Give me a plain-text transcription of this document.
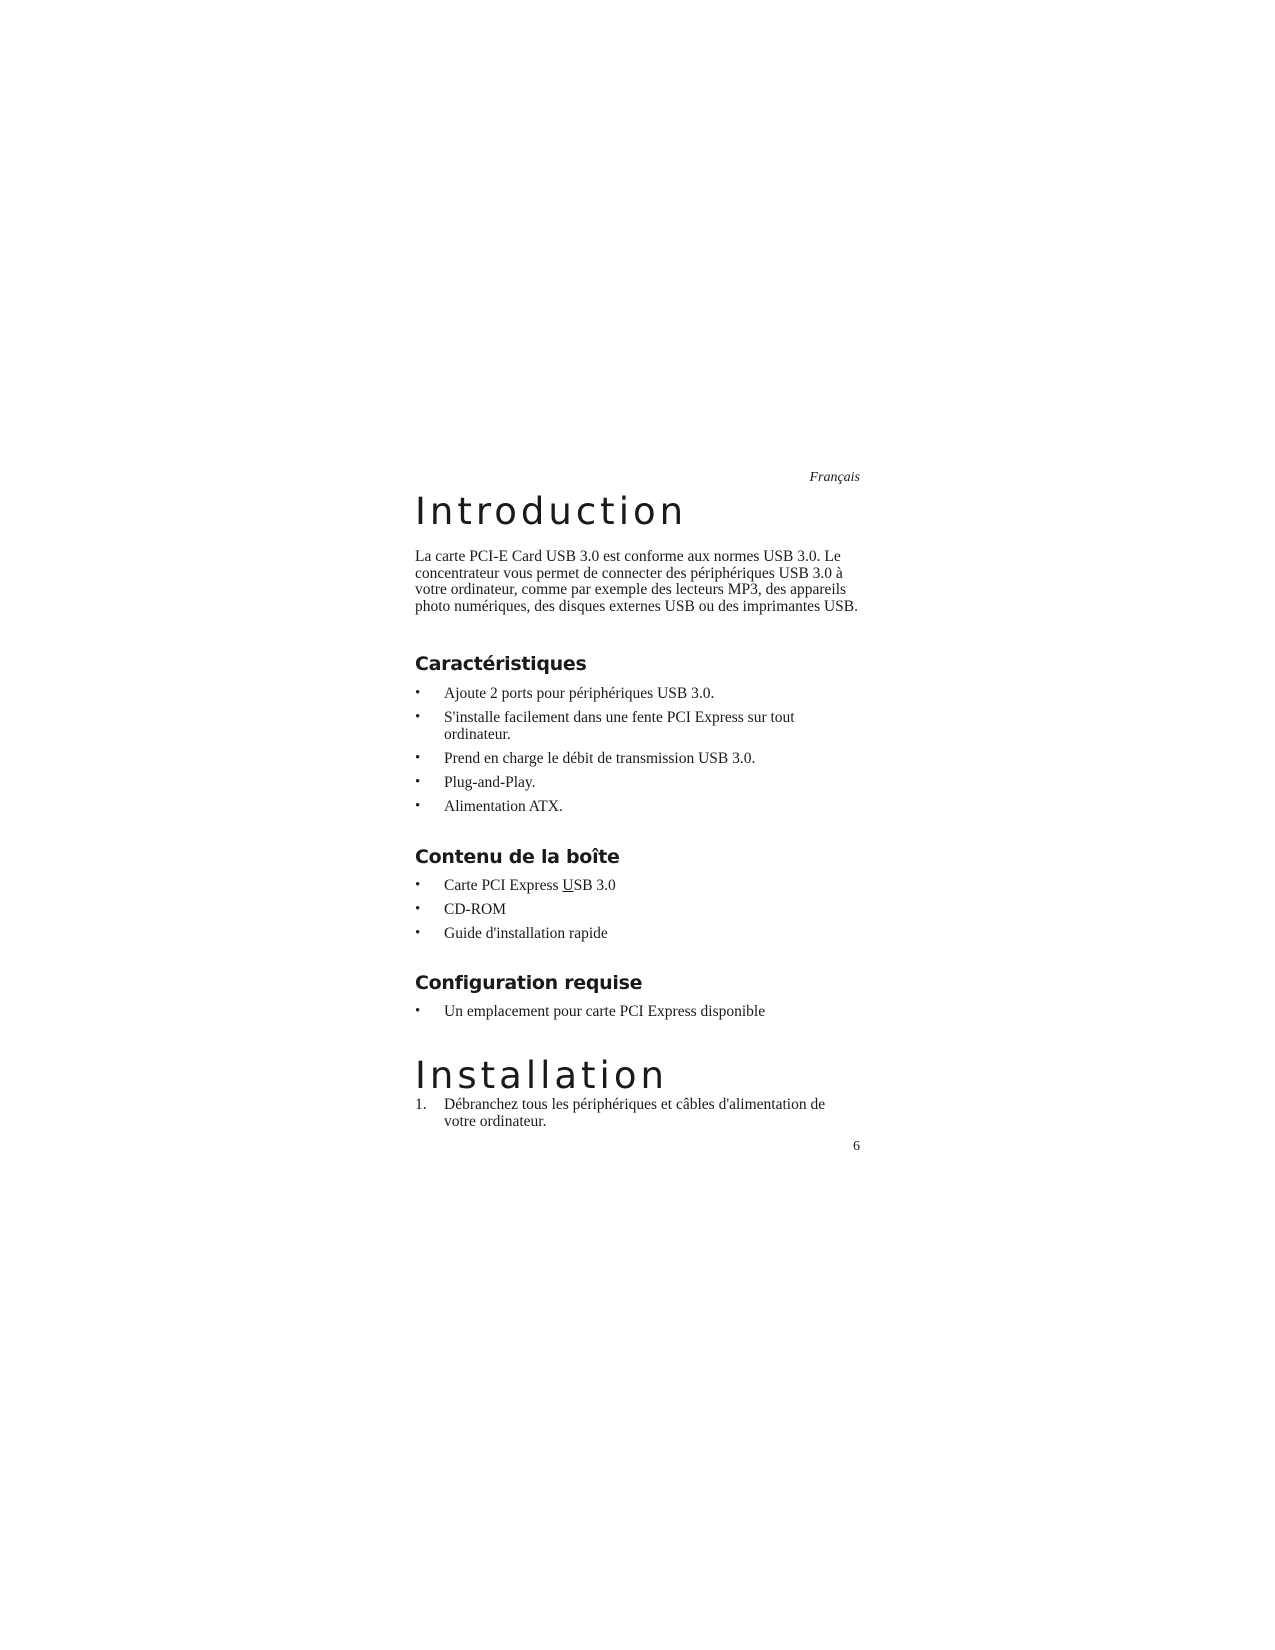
Français
Introduction

La carte PCI-E Card USB 3.0 est conforme aux normes USB 3.0. Le concentrateur vous permet de connecter des périphériques USB 3.0 à votre ordinateur, comme par exemple des lecteurs MP3, des appareils photo numériques, des disques externes USB ou des imprimantes USB.

Caractéristiques
• Ajoute 2 ports pour périphériques USB 3.0.
• S'installe facilement dans une fente PCI Express sur tout ordinateur.
• Prend en charge le débit de transmission USB 3.0.
• Plug-and-Play.
• Alimentation ATX.
Contenu de la boîte
• Carte PCI Express USB 3.0
• CD-ROM
• Guide d'installation rapide
Configuration requise
• Un emplacement pour carte PCI Express disponible
Installation
1. Débranchez tous les périphériques et câbles d'alimentation de votre ordinateur.
6
